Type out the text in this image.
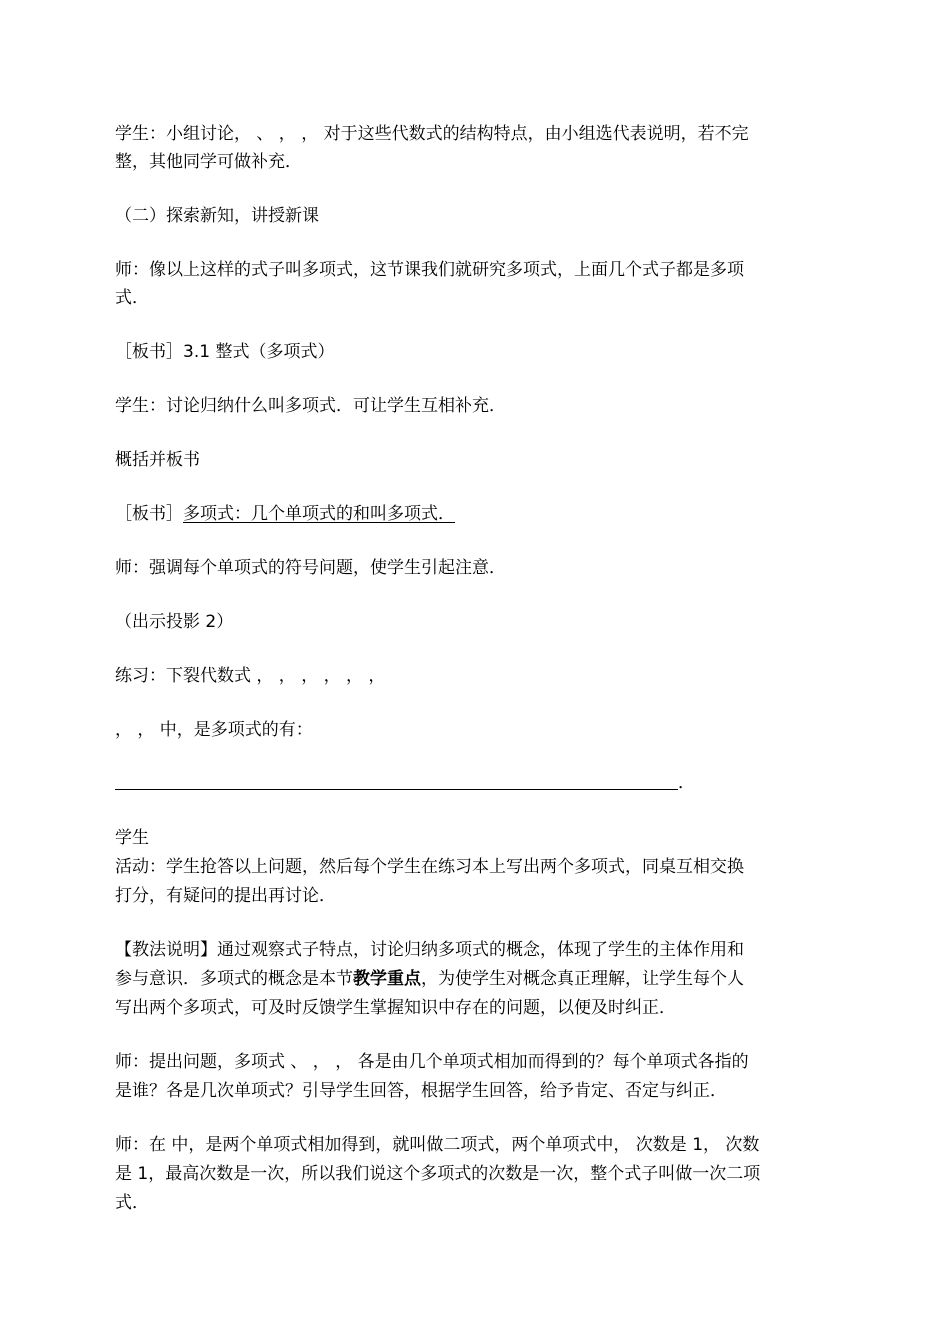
学生：小组讨论， 、 ， ， 对于这些代数式的结构特点，由小组选代表说明，若不完
整，其他同学可做补充．
（二）探索新知，讲授新课
师：像以上这样的式子叫多项式，这节课我们就研究多项式，上面几个式子都是多项
式．
［板书］3.1 整式（多项式）
学生：讨论归纳什么叫多项式．可让学生互相补充．
概括并板书
［板书］多项式：几个单项式的和叫多项式．
师：强调每个单项式的符号问题，使学生引起注意．
（出示投影 2）
练习：下裂代数式 ， ， ， ， ， ，
， ， 中，是多项式的有：
．
学生
活动：学生抢答以上问题，然后每个学生在练习本上写出两个多项式，同桌互相交换
打分，有疑问的提出再讨论．
【教法说明】通过观察式子特点，讨论归纳多项式的概念，体现了学生的主体作用和
参与意识．多项式的概念是本节教学重点，为使学生对概念真正理解，让学生每个人
写出两个多项式，可及时反馈学生掌握知识中存在的问题，以便及时纠正．
师：提出问题，多项式 、 ， ， 各是由几个单项式相加而得到的？每个单项式各指的
是谁？各是几次单项式？引导学生回答，根据学生回答，给予肯定、否定与纠正．
师：在 中，是两个单项式相加得到，就叫做二项式，两个单项式中， 次数是 1， 次数
是 1，最高次数是一次，所以我们说这个多项式的次数是一次，整个式子叫做一次二项
式．
